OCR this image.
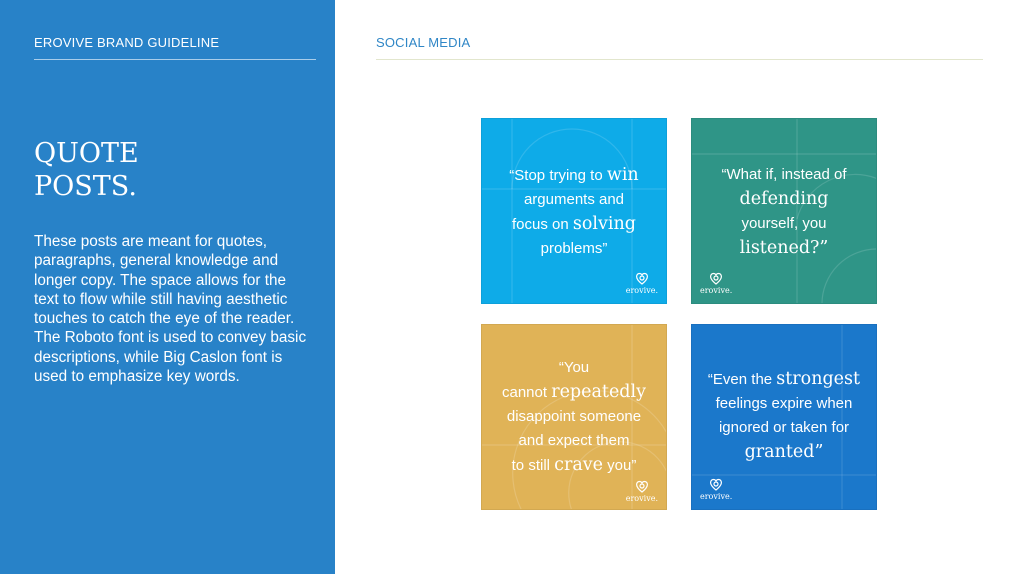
EROVIVE BRAND GUIDELINE
QUOTE
POSTS.
These posts are meant for quotes, paragraphs, general knowledge and longer copy. The space allows for the text to flow while still having aesthetic touches to catch the eye of the reader. The Roboto font is used to convey basic descriptions, while Big Caslon font is used to emphasize key words.
SOCIAL MEDIA
“Stop trying to win
arguments and
focus on solving
problems”
erovive.
“What if, instead of
defending
yourself, you
listened?”
erovive.
“You
cannot repeatedly
disappoint someone
and expect them
to still crave you”
erovive.
“Even the strongest
feelings expire when
ignored or taken for
granted”
erovive.
